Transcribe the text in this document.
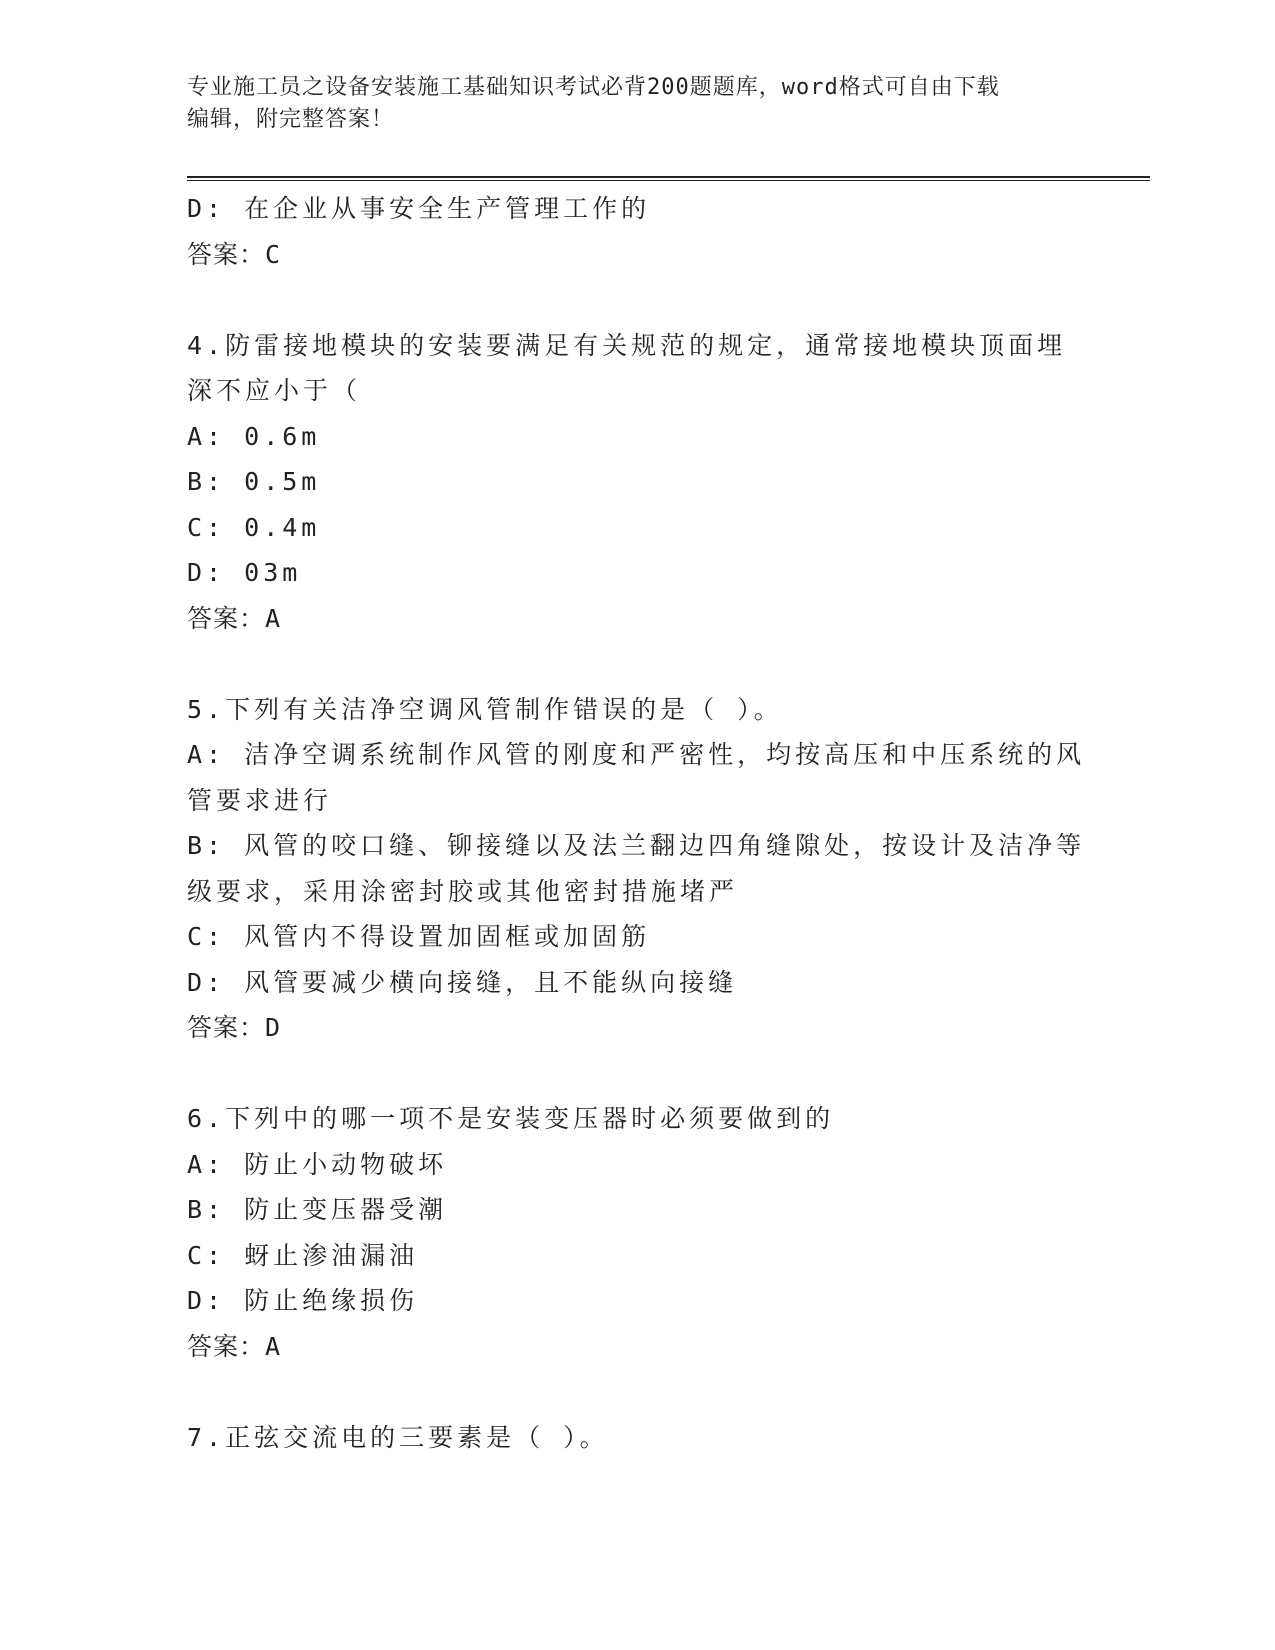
专业施工员之设备安装施工基础知识考试必背200题题库，word格式可自由下载
编辑，附完整答案！
D: 在企业从事安全生产管理工作的
答案：C
4.防雷接地模块的安装要满足有关规范的规定，通常接地模块顶面埋
深不应小于（
A: 0.6m
B: 0.5m
C: 0.4m
D: 03m
答案：A
5.下列有关洁净空调风管制作错误的是（ ）。
A: 洁净空调系统制作风管的刚度和严密性，均按高压和中压系统的风
管要求进行
B: 风管的咬口缝、铆接缝以及法兰翻边四角缝隙处，按设计及洁净等
级要求，采用涂密封胶或其他密封措施堵严
C: 风管内不得设置加固框或加固筋
D: 风管要减少横向接缝，且不能纵向接缝
答案：D
6.下列中的哪一项不是安装变压器时必须要做到的
A: 防止小动物破坏
B: 防止变压器受潮
C: 蚜止渗油漏油
D: 防止绝缘损伤
答案：A
7.正弦交流电的三要素是（ ）。
